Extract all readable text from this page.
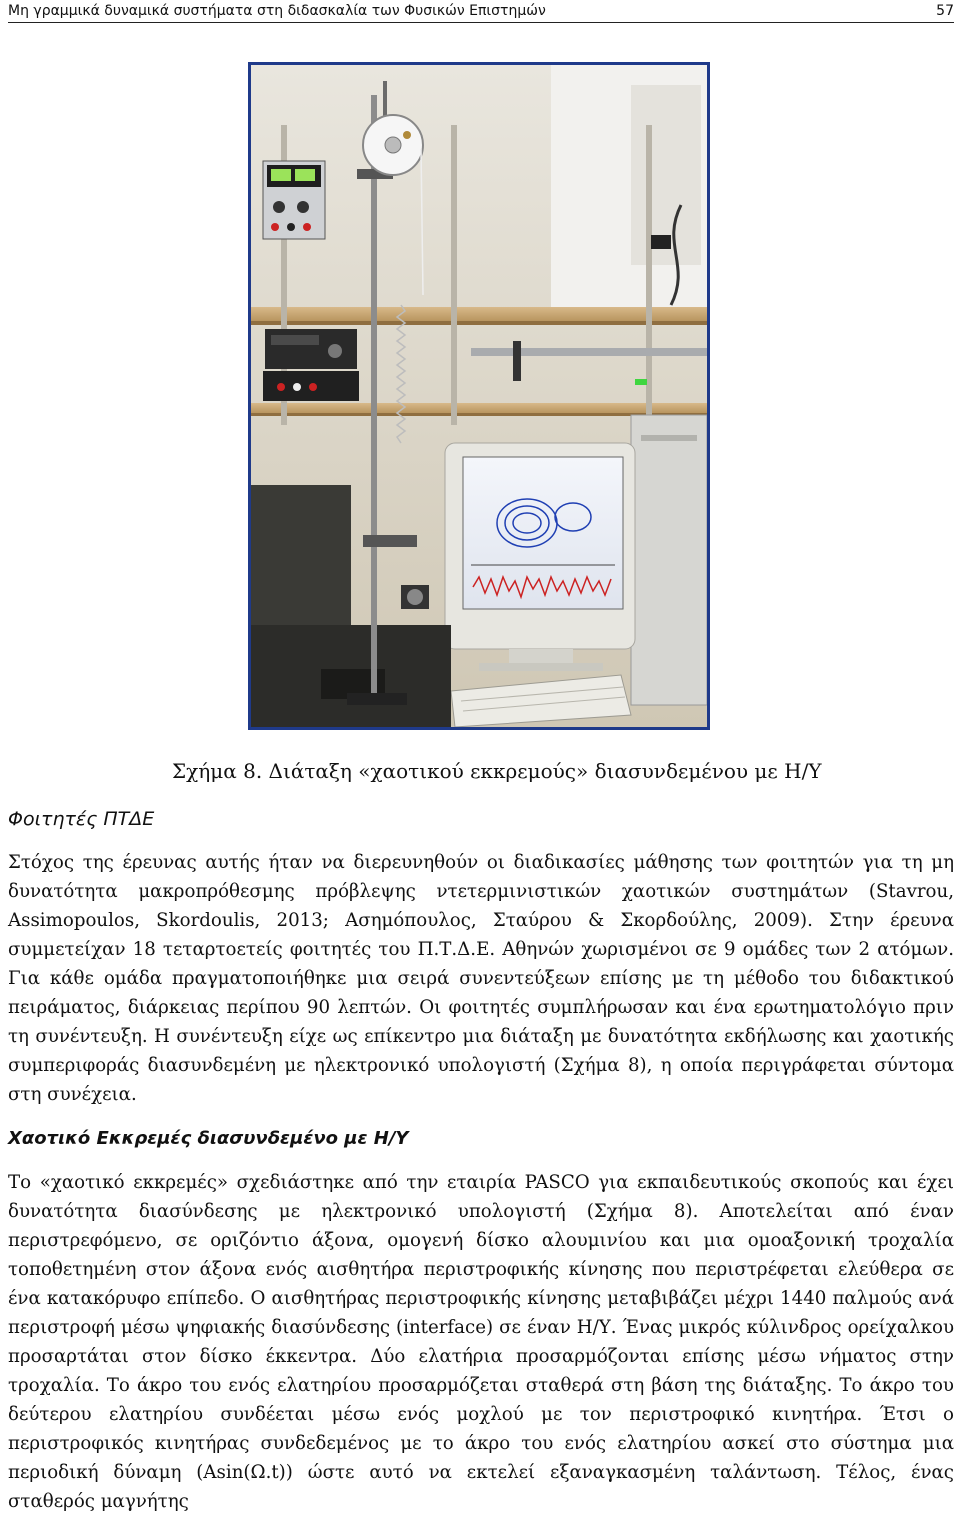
Μη γραμμικά δυναμικά συστήματα στη διδασκαλία των Φυσικών Επιστημών	57
Σχήμα 8. Διάταξη «χαοτικού εκκρεμούς» διασυνδεμένου με Η/Υ
Φοιτητές ΠΤΔΕ

Στόχος της έρευνας αυτής ήταν να διερευνηθούν οι διαδικασίες μάθησης των φοιτητών για τη μη δυνατότητα μακροπρόθεσμης πρόβλεψης ντετερμινιστικών χαοτικών συστημάτων (Stavrou, Assimopoulos, Skordoulis, 2013; Ασημόπουλος, Σταύρου & Σκορδούλης, 2009). Στην έρευνα συμμετείχαν 18 τεταρτοετείς φοιτητές του Π.Τ.Δ.Ε. Αθηνών χωρισμένοι σε 9 ομάδες των 2 ατόμων. Για κάθε ομάδα πραγματοποιήθηκε μια σειρά συνεντεύξεων επίσης με τη μέθοδο του διδακτικού πειράματος, διάρκειας περίπου 90 λεπτών. Οι φοιτητές συμπλήρωσαν και ένα ερωτηματολόγιο πριν τη συνέντευξη. Η συνέντευξη είχε ως επίκεντρο μια διάταξη με δυνατότητα εκδήλωσης και χαοτικής συμπεριφοράς διασυνδεμένη με ηλεκτρονικό υπολογιστή (Σχήμα 8), η οποία περιγράφεται σύντομα στη συνέχεια.

Χαοτικό Εκκρεμές διασυνδεμένο με Η/Υ

Το «χαοτικό εκκρεμές» σχεδιάστηκε από την εταιρία PASCO για εκπαιδευτικούς σκοπούς και έχει δυνατότητα διασύνδεσης με ηλεκτρονικό υπολογιστή (Σχήμα 8). Αποτελείται από έναν περιστρεφόμενο, σε οριζόντιο άξονα, ομογενή δίσκο αλουμινίου και μια ομοαξονική τροχαλία τοποθετημένη στον άξονα ενός αισθητήρα περιστροφικής κίνησης που περιστρέφεται ελεύθερα σε ένα κατακόρυφο επίπεδο. Ο αισθητήρας περιστροφικής κίνησης μεταβιβάζει μέχρι 1440 παλμούς ανά περιστροφή μέσω ψηφιακής διασύνδεσης (interface) σε έναν Η/Υ. Ένας μικρός κύλινδρος ορείχαλκου προσαρτάται στον δίσκο έκκεντρα. Δύο ελατήρια προσαρμόζονται επίσης μέσω νήματος στην τροχαλία. Το άκρο του ενός ελατηρίου προσαρμόζεται σταθερά στη βάση της διάταξης. Το άκρο του δεύτερου ελατηρίου συνδέεται μέσω ενός μοχλού με τον περιστροφικό κινητήρα. Έτσι ο περιστροφικός κινητήρας συνδεδεμένος με το άκρο του ενός ελατηρίου ασκεί στο σύστημα μια περιοδική δύναμη (Asin(Ω.t)) ώστε αυτό να εκτελεί εξαναγκασμένη ταλάντωση. Τέλος, ένας σταθερός μαγνήτης
